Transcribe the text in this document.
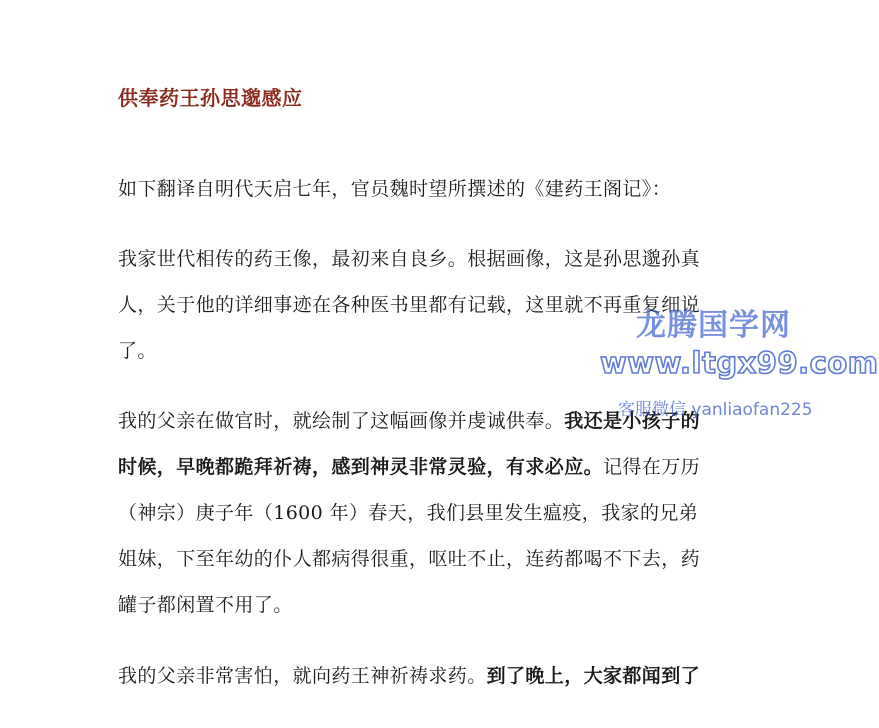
供奉药王孙思邈感应
如下翻译自明代天启七年，官员魏时望所撰述的《建药王阁记》：
我家世代相传的药王像，最初来自良乡。根据画像，这是孙思邈孙真
人，关于他的详细事迹在各种医书里都有记载，这里就不再重复细说
了。
我的父亲在做官时，就绘制了这幅画像并虔诚供奉。我还是小孩子的
时候，早晚都跪拜祈祷，感到神灵非常灵验，有求必应。记得在万历
（神宗）庚子年（1600 年）春天，我们县里发生瘟疫，我家的兄弟
姐妹，下至年幼的仆人都病得很重，呕吐不止，连药都喝不下去，药
罐子都闲置不用了。
我的父亲非常害怕，就向药王神祈祷求药。到了晚上，大家都闻到了
龙腾国学网
www.ltgx99.com
客服微信 yanliaofan225
